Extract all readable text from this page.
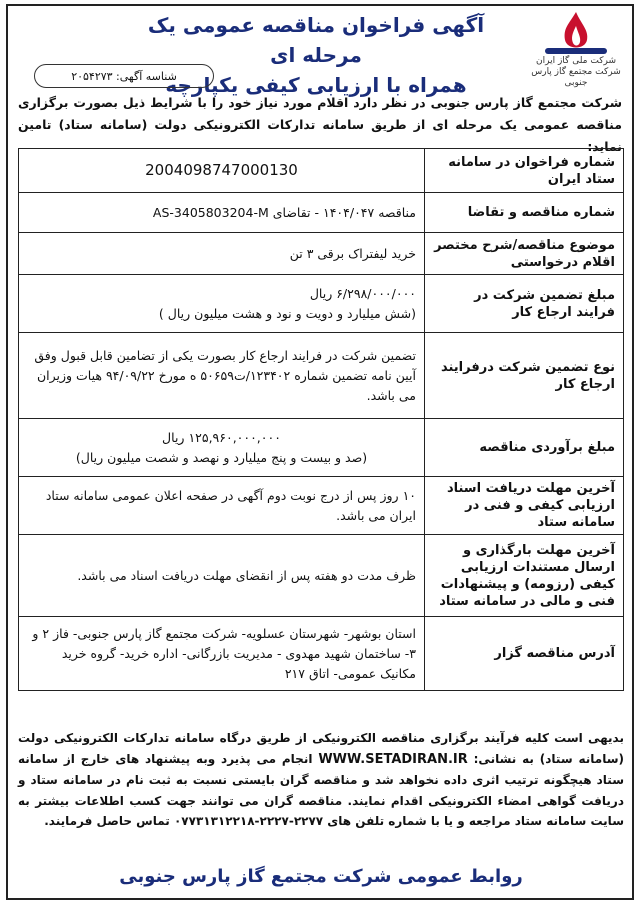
شرکت ملی گاز ایران
شرکت مجتمع گاز پارس جنوبی
آگهی فراخوان مناقصه عمومی یک مرحله ای
همراه با ارزیابی کیفی یکپارچه
شناسه آگهی: ۲۰۵۴۲۷۳
شرکت مجتمع گاز پارس جنوبی در نظر دارد اقلام مورد نیاز خود را با شرایط ذیل بصورت برگزاری مناقصه عمومی یک مرحله ای از طریق سامانه تدارکات الکترونیکی دولت (سامانه ستاد) تامین نماید:
شماره فراخوان در سامانه ستاد ایران	2004098747000130
شماره مناقصه و تقاضا	مناقصه ۱۴۰۴/۰۴۷ - تقاضای AS-3405803204-M
موضوع مناقصه/شرح مختصر اقلام درخواستی	خرید لیفتراک برقی ۳ تن
مبلغ تضمین شرکت در فرایند ارجاع کار	۶/۲۹۸/۰۰۰/۰۰۰ ریال
(شش میلیارد و دویت و نود و هشت میلیون ریال )

نوع تضمین شرکت درفرایند ارجاع کار	تضمین شرکت در فرایند ارجاع کار بصورت یکی از تضامین قابل قبول وفق آیین نامه تضمین شماره ۱۲۳۴۰۲/ت۵۰۶۵۹ ه مورخ ۹۴/۰۹/۲۲ هیات وزیران می باشد.
مبلغ برآوردی مناقصه	۱۲۵,۹۶۰,۰۰۰,۰۰۰ ریال
(صد و بیست و پنج میلیارد و نهصد و شصت میلیون ریال)

آخرین مهلت دریافت اسناد ارزیابی کیفی و فنی در سامانه ستاد	۱۰ روز پس از درج نوبت دوم آگهی در صفحه اعلان عمومی سامانه ستاد ایران می باشد.
آخرین مهلت بارگذاری و ارسال مستندات ارزیابی کیفی (رزومه) و پیشنهادات فنی و مالی در سامانه ستاد	ظرف مدت دو هفته پس از انقضای مهلت دریافت اسناد می باشد.
آدرس مناقصه گزار	استان بوشهر- شهرستان عسلویه- شرکت مجتمع گاز پارس جنوبی- فاز ۲ و ۳- ساختمان شهید مهدوی - مدیریت بازرگانی- اداره خرید- گروه خرید مکانیک عمومی- اتاق ۲۱۷
بدیهی است کلیه فرآیند برگزاری مناقصه الکترونیکی از طریق درگاه سامانه تدارکات الکترونیکی دولت (سامانه ستاد) به نشانی: WWW.SETADIRAN.IR انجام می پذیرد وبه پیشنهاد های خارج از سامانه ستاد هیچگونه ترتیب اثری داده نخواهد شد و مناقصه گران بایستی نسبت به ثبت نام در سامانه ستاد و دریافت گواهی امضاء الکترونیکی اقدام نمایند. مناقصه گران می توانند جهت کسب اطلاعات بیشتر به سایت سامانه ستاد مراجعه و یا با شماره تلفن های ۲۲۷۷-۲۲۲۷-۰۷۷۳۱۳۱۲۲۱۸ تماس حاصل فرمایند.
روابط عمومی شرکت مجتمع گاز پارس جنوبی
